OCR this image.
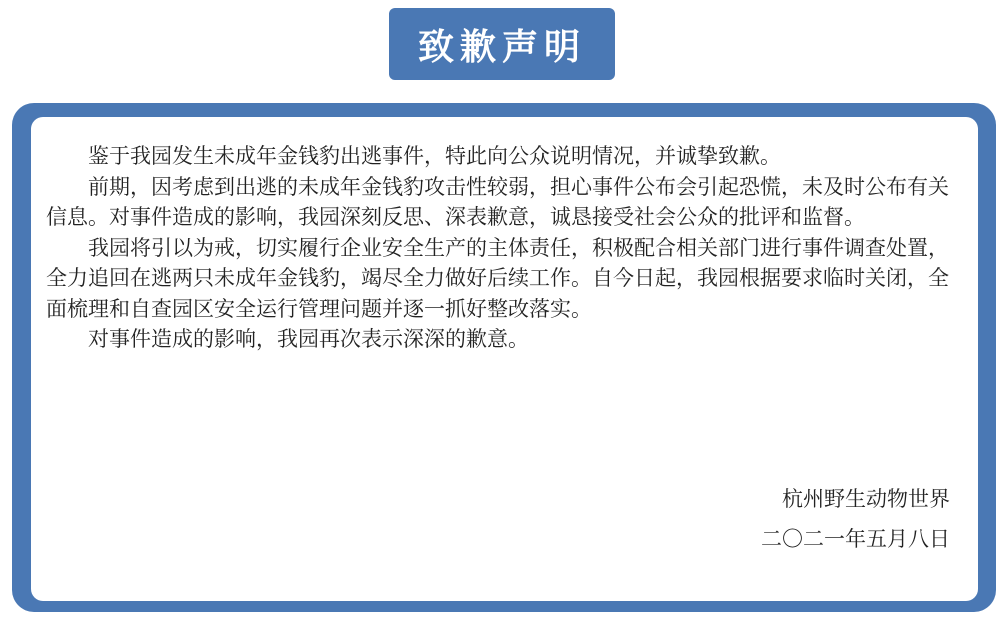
致歉声明

鉴于我园发生未成年金钱豹出逃事件，特此向公众说明情况，并诚挚致歉。

前期，因考虑到出逃的未成年金钱豹攻击性较弱，担心事件公布会引起恐慌，未及时公布有关信息。对事件造成的影响，我园深刻反思、深表歉意，诚恳接受社会公众的批评和监督。

我园将引以为戒，切实履行企业安全生产的主体责任，积极配合相关部门进行事件调查处置，全力追回在逃两只未成年金钱豹，竭尽全力做好后续工作。自今日起，我园根据要求临时关闭，全面梳理和自查园区安全运行管理问题并逐一抓好整改落实。

对事件造成的影响，我园再次表示深深的歉意。

杭州野生动物世界
二〇二一年五月八日
